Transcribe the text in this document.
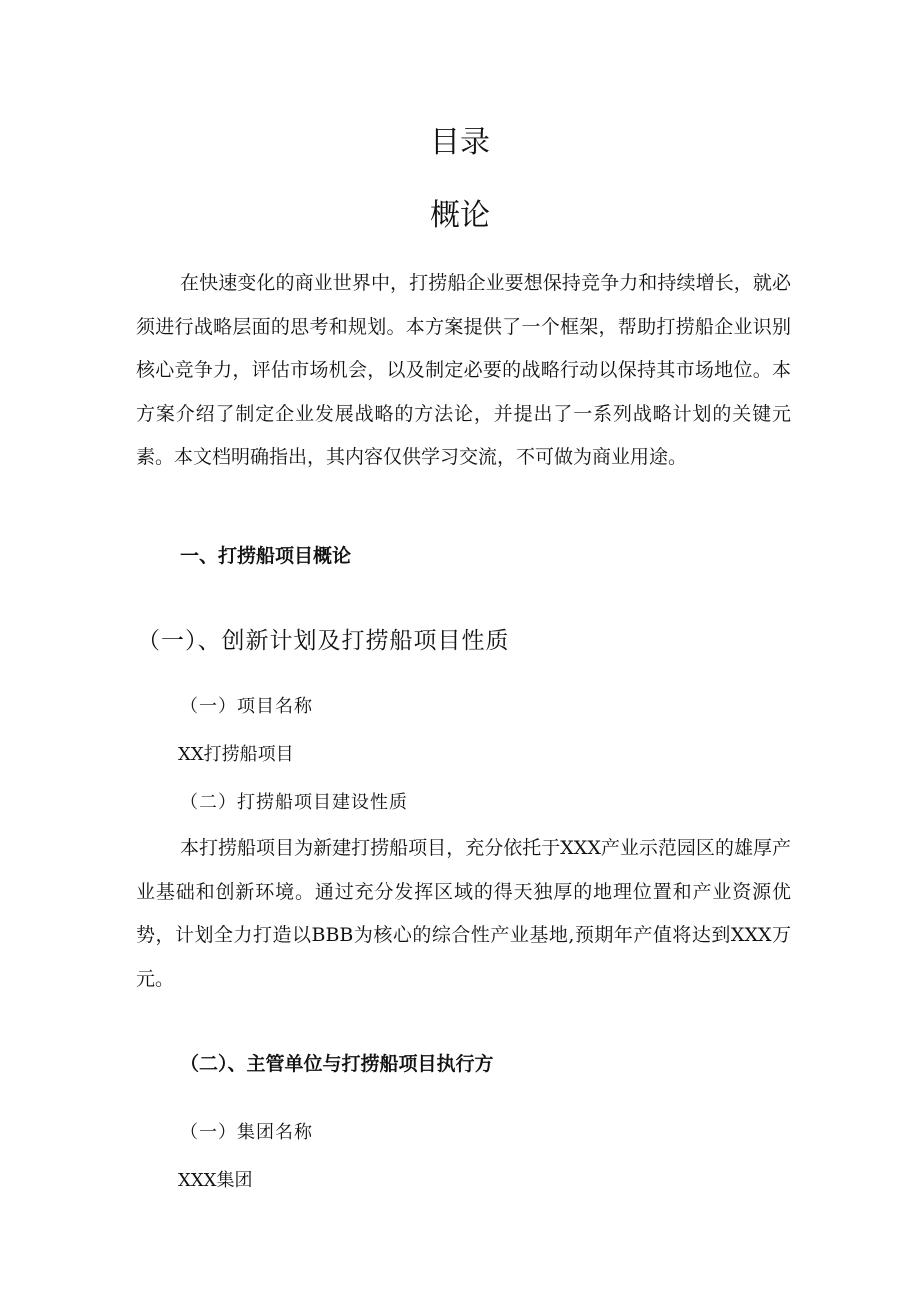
目录
概论

在快速变化的商业世界中，打捞船企业要想保持竞争力和持续增长，就必须进行战略层面的思考和规划。本方案提供了一个框架，帮助打捞船企业识别核心竞争力，评估市场机会，以及制定必要的战略行动以保持其市场地位。本方案介绍了制定企业发展战略的方法论，并提出了一系列战略计划的关键元素。本文档明确指出，其内容仅供学习交流，不可做为商业用途。

一、打捞船项目概论
（一）、创新计划及打捞船项目性质
（一）项目名称
XX打捞船项目
（二）打捞船项目建设性质

本打捞船项目为新建打捞船项目，充分依托于XXX产业示范园区的雄厚产业基础和创新环境。通过充分发挥区域的得天独厚的地理位置和产业资源优势，计划全力打造以BBB为核心的综合性产业基地,预期年产值将达到XXX万元。

（二）、主管单位与打捞船项目执行方
（一）集团名称
XXX集团
